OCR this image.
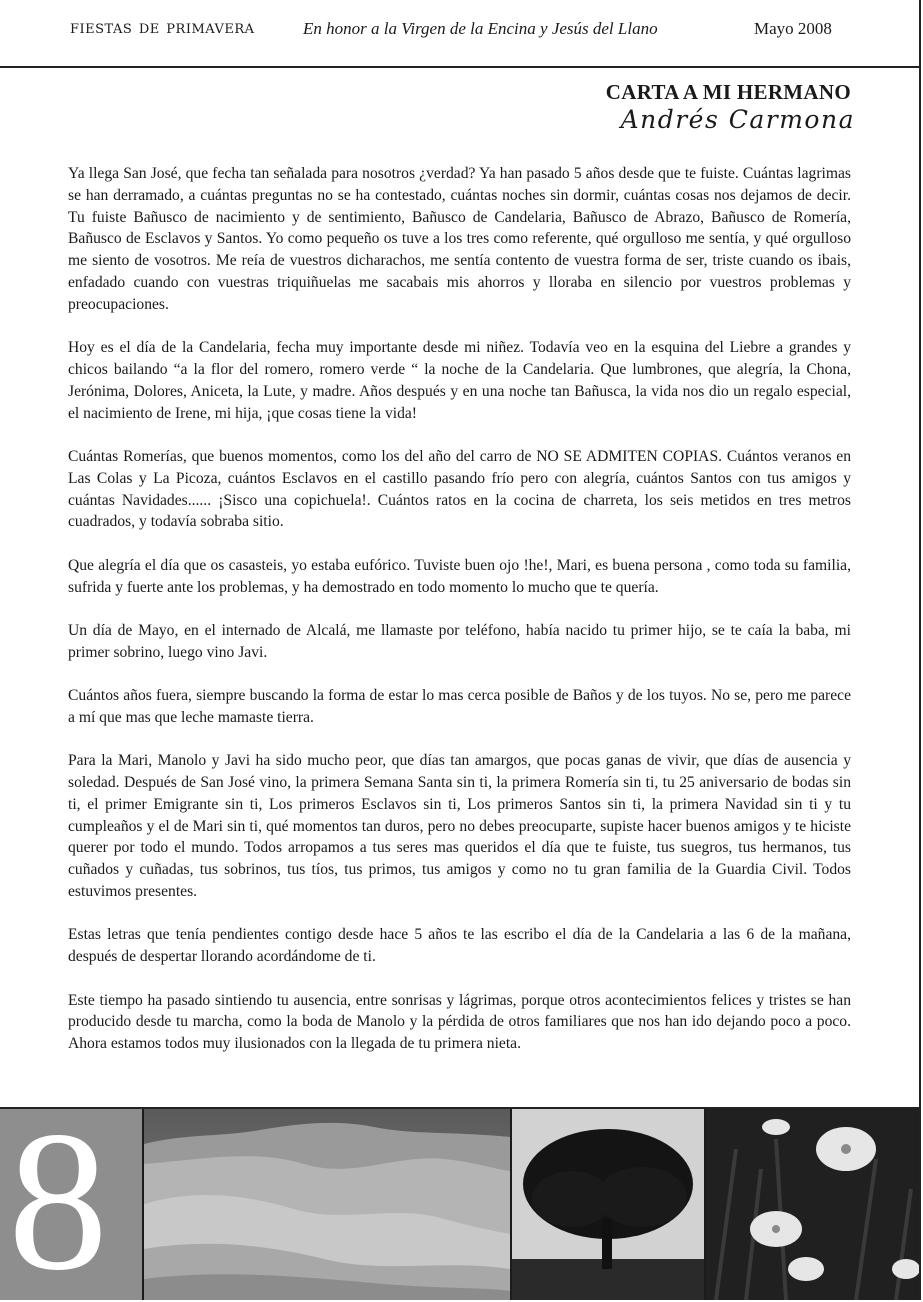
fiestas de primavera	En honor a la Virgen de la Encina y Jesús del Llano	Mayo 2008
CARTA A MI HERMANO
Andrés Carmona

Ya llega San José, que fecha tan señalada para nosotros ¿verdad? Ya han pasado 5 años desde que te fuiste. Cuántas lagrimas se han derramado, a cuántas preguntas no se ha contestado, cuántas noches sin dormir, cuántas cosas nos dejamos de decir. Tu fuiste Bañusco de nacimiento y de sentimiento, Bañusco de Candelaria, Bañusco de Abrazo, Bañusco de Romería, Bañusco de Esclavos y Santos. Yo como pequeño os tuve a los tres como referente, qué orgulloso me sentía, y qué orgulloso me siento de vosotros. Me reía de vuestros dicharachos, me sentía contento de vuestra forma de ser, triste cuando os ibais, enfadado cuando con vuestras triquiñuelas me sacabais mis ahorros y lloraba en silencio por vuestros problemas y preocupaciones.

Hoy es el día de la Candelaria, fecha muy importante desde mi niñez. Todavía veo en la esquina del Liebre a grandes y chicos bailando “a la flor del romero, romero verde “ la noche de la Candelaria. Que lumbrones, que alegría, la Chona, Jerónima, Dolores, Aniceta, la Lute, y madre. Años después y en una noche tan Bañusca, la vida nos dio un regalo especial, el nacimiento de Irene, mi hija, ¡que cosas tiene la vida!

Cuántas Romerías, que buenos momentos, como los del año del carro de NO SE ADMITEN COPIAS. Cuántos veranos en Las Colas y La Picoza, cuántos Esclavos en el castillo pasando frío pero con alegría, cuántos Santos con tus amigos y cuántas Navidades...... ¡Sisco una copichuela!. Cuántos ratos en la cocina de charreta, los seis metidos en tres metros cuadrados, y todavía sobraba sitio.

Que alegría el día que os casasteis, yo estaba eufórico. Tuviste buen ojo !he!, Mari, es buena persona , como toda su familia, sufrida y fuerte ante los problemas, y ha demostrado en todo momento lo mucho que te quería.

Un día de Mayo, en el internado de Alcalá, me llamaste por teléfono, había nacido tu primer hijo, se te caía la baba, mi primer sobrino, luego vino Javi.

Cuántos años fuera, siempre buscando la forma de estar lo mas cerca posible de Baños y de los tuyos. No se, pero me parece a mí que mas que leche mamaste tierra.

Para la Mari, Manolo y Javi ha sido mucho peor, que días tan amargos, que pocas ganas de vivir, que días de ausencia y soledad. Después de San José vino, la primera Semana Santa sin ti, la primera Romería sin ti, tu 25 aniversario de bodas sin ti, el primer Emigrante sin ti, Los primeros Esclavos sin ti, Los primeros Santos sin ti, la primera Navidad sin ti y tu cumpleaños y el de Mari sin ti, qué momentos tan duros, pero no debes preocuparte, supiste hacer buenos amigos y te hiciste querer por todo el mundo. Todos arropamos a tus seres mas queridos el día que te fuiste, tus suegros, tus hermanos, tus cuñados y cuñadas, tus sobrinos, tus tíos, tus primos, tus amigos y como no tu gran familia de la Guardia Civil. Todos estuvimos presentes.

Estas letras que tenía pendientes contigo desde hace 5 años te las escribo el día de la Candelaria a las 6 de la mañana, después de despertar llorando acordándome de ti.

Este tiempo ha pasado sintiendo tu ausencia, entre sonrisas y lágrimas, porque otros acontecimientos felices y tristes se han producido desde tu marcha, como la boda de Manolo y la pérdida de otros familiares que nos han ido dejando poco a poco. Ahora estamos todos muy ilusionados con la llegada de tu primera nieta.

8
